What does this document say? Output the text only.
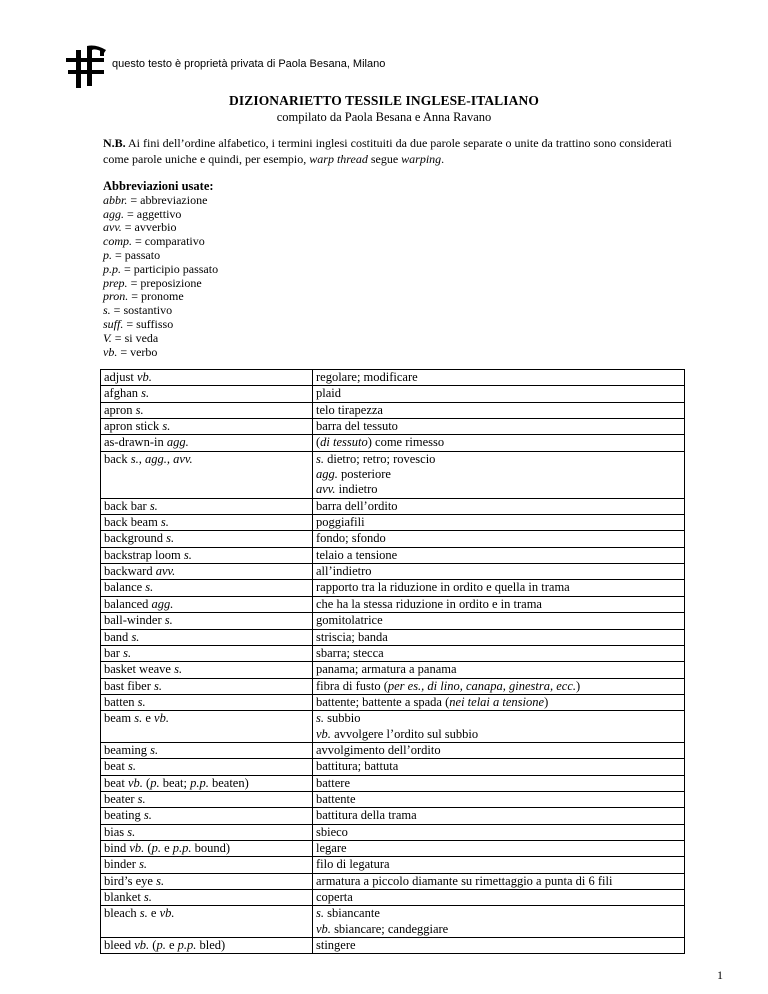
questo testo è proprietà privata di Paola Besana, Milano
DIZIONARIETTO TESSILE INGLESE-ITALIANO
compilato da Paola Besana e Anna Ravano
N.B. Ai fini dell’ordine alfabetico, i termini inglesi costituiti da due parole separate o unite da trattino sono considerati come parole uniche e quindi, per esempio, warp thread segue warping.
Abbreviazioni usate:
abbr. = abbreviazione
agg. = aggettivo
avv. = avverbio
comp. = comparativo
p. = passato
p.p. = participio passato
prep. = preposizione
pron. = pronome
s. = sostantivo
suff. = suffisso
V. = si veda
vb. = verbo
adjust vb.	regolare; modificare

afghan s.	plaid

apron s.	telo tirapezza

apron stick s.	barra del tessuto

as-drawn-in agg.	(di tessuto) come rimesso

back s., agg., avv.	s. dietro; retro; rovescio
agg. posteriore
avv. indietro

back bar s.	barra dell’ordito

back beam s.	poggiafili

background s.	fondo; sfondo

backstrap loom s.	telaio a tensione

backward avv.	all’indietro

balance s.	rapporto tra la riduzione in ordito e quella in trama

balanced agg.	che ha la stessa riduzione in ordito e in trama

ball-winder s.	gomitolatrice

band s.	striscia; banda

bar s.	sbarra; stecca

basket weave s.	panama; armatura a panama

bast fiber s.	fibra di fusto (per es., di lino, canapa, ginestra, ecc.)

batten s.	battente; battente a spada (nei telai a tensione)

beam s. e vb.	s. subbio
vb. avvolgere l’ordito sul subbio

beaming s.	avvolgimento dell’ordito

beat s.	battitura; battuta

beat vb. (p. beat; p.p. beaten)	battere

beater s.	battente

beating s.	battitura della trama

bias s.	sbieco

bind vb. (p. e p.p. bound)	legare

binder s.	filo di legatura

bird’s eye s.	armatura a piccolo diamante su rimettaggio a punta di 6 fili

blanket s.	coperta

bleach s. e vb.	s. sbiancante
vb. sbiancare; candeggiare

bleed vb. (p. e p.p. bled)	stingere
1
